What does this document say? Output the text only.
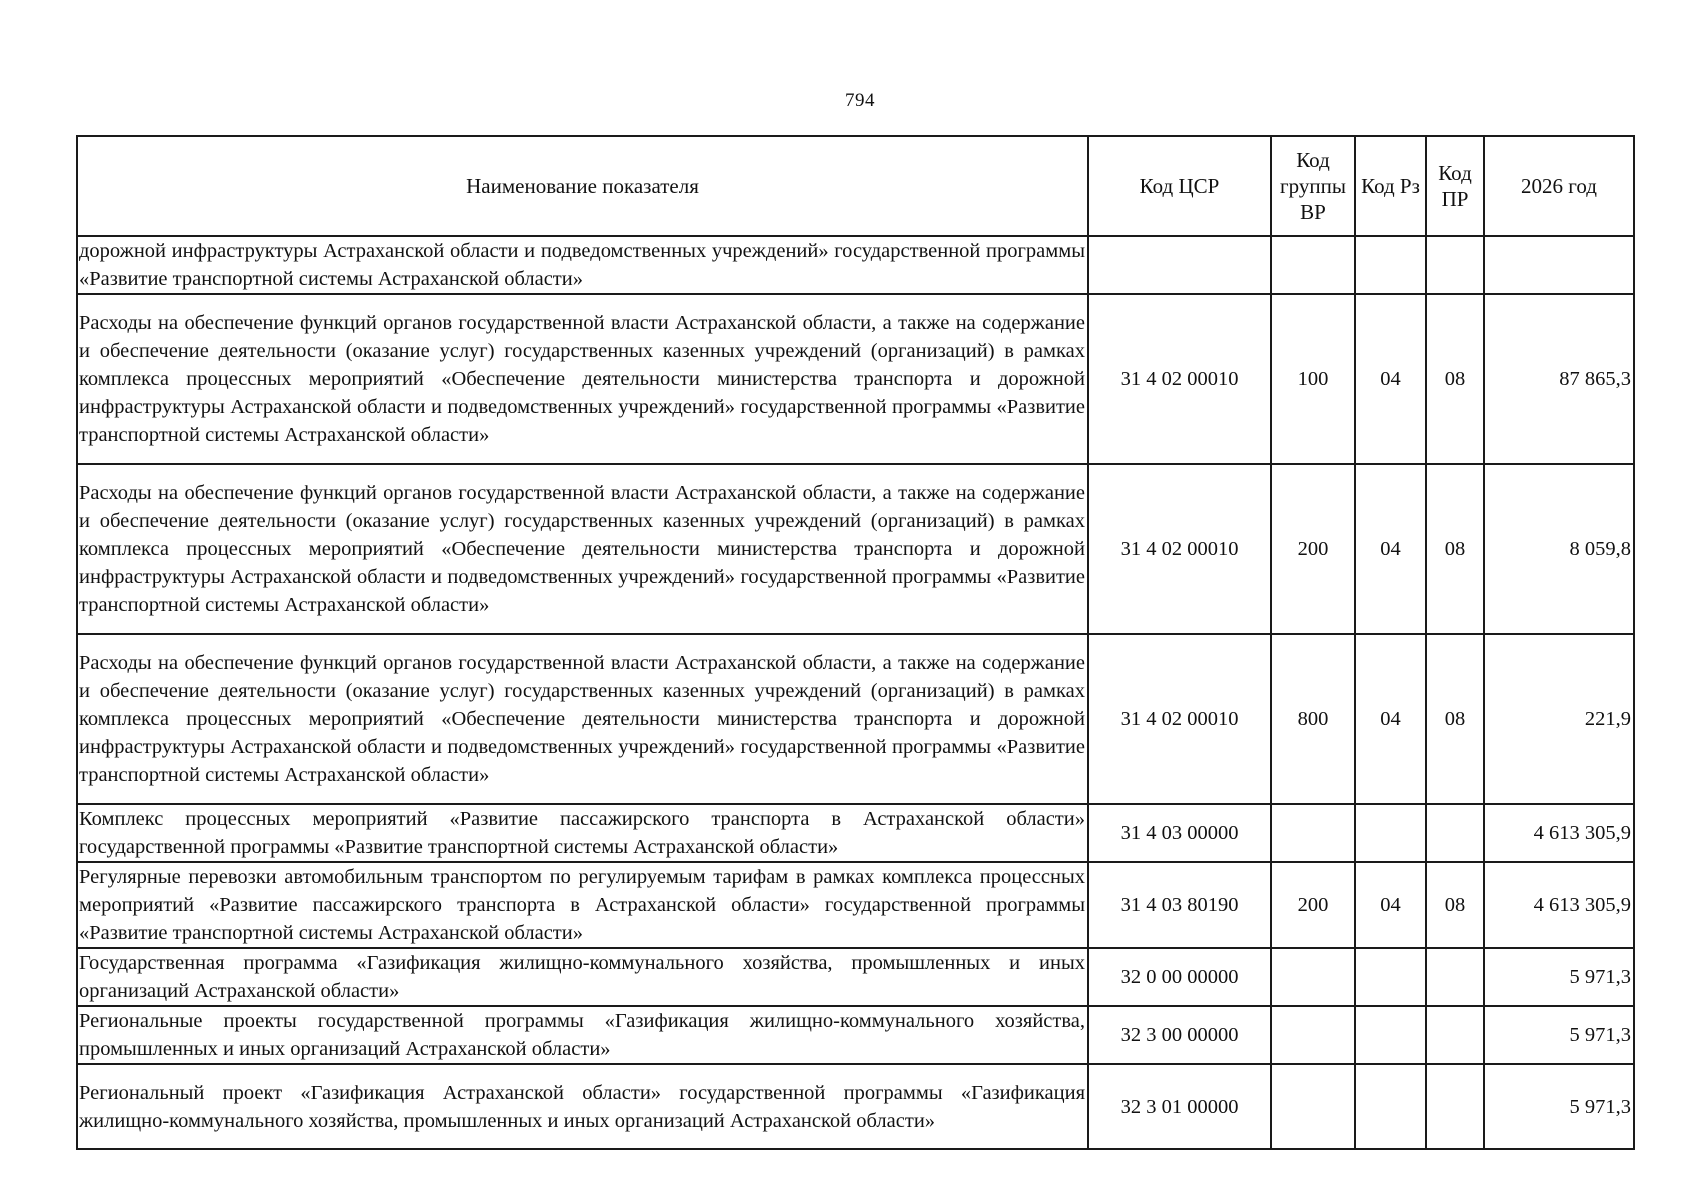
794
Наименование показателя	Код ЦСР	Код группы ВР	Код Рз	Код ПР	2026 год
дорожной инфраструктуры Астраханской области и подведомственных учреждений» государственной программы «Развитие транспортной системы Астраханской области»					
Расходы на обеспечение функций органов государственной власти Астраханской области, а также на содержание и обеспечение деятельности (оказание услуг) государственных казенных учреждений (организаций) в рамках комплекса процессных мероприятий «Обеспечение деятельности министерства транспорта и дорожной инфраструктуры Астраханской области и подведомственных учреждений» государственной программы «Развитие транспортной системы Астраханской области»	31 4 02 00010	100	04	08	87 865,3
Расходы на обеспечение функций органов государственной власти Астраханской области, а также на содержание и обеспечение деятельности (оказание услуг) государственных казенных учреждений (организаций) в рамках комплекса процессных мероприятий «Обеспечение деятельности министерства транспорта и дорожной инфраструктуры Астраханской области и подведомственных учреждений» государственной программы «Развитие транспортной системы Астраханской области»	31 4 02 00010	200	04	08	8 059,8
Расходы на обеспечение функций органов государственной власти Астраханской области, а также на содержание и обеспечение деятельности (оказание услуг) государственных казенных учреждений (организаций) в рамках комплекса процессных мероприятий «Обеспечение деятельности министерства транспорта и дорожной инфраструктуры Астраханской области и подведомственных учреждений» государственной программы «Развитие транспортной системы Астраханской области»	31 4 02 00010	800	04	08	221,9
Комплекс процессных мероприятий «Развитие пассажирского транспорта в Астраханской области» государственной программы «Развитие транспортной системы Астраханской области»	31 4 03 00000				4 613 305,9
Регулярные перевозки автомобильным транспортом по регулируемым тарифам в рамках комплекса процессных мероприятий «Развитие пассажирского транспорта в Астраханской области» государственной программы «Развитие транспортной системы Астраханской области»	31 4 03 80190	200	04	08	4 613 305,9
Государственная программа «Газификация жилищно-коммунального хозяйства, промышленных и иных организаций Астраханской области»	32 0 00 00000				5 971,3
Региональные проекты государственной программы «Газификация жилищно-коммунального хозяйства, промышленных и иных организаций Астраханской области»	32 3 00 00000				5 971,3
Региональный проект «Газификация Астраханской области» государственной программы «Газификация жилищно-коммунального хозяйства, промышленных и иных организаций Астраханской области»	32 3 01 00000				5 971,3
